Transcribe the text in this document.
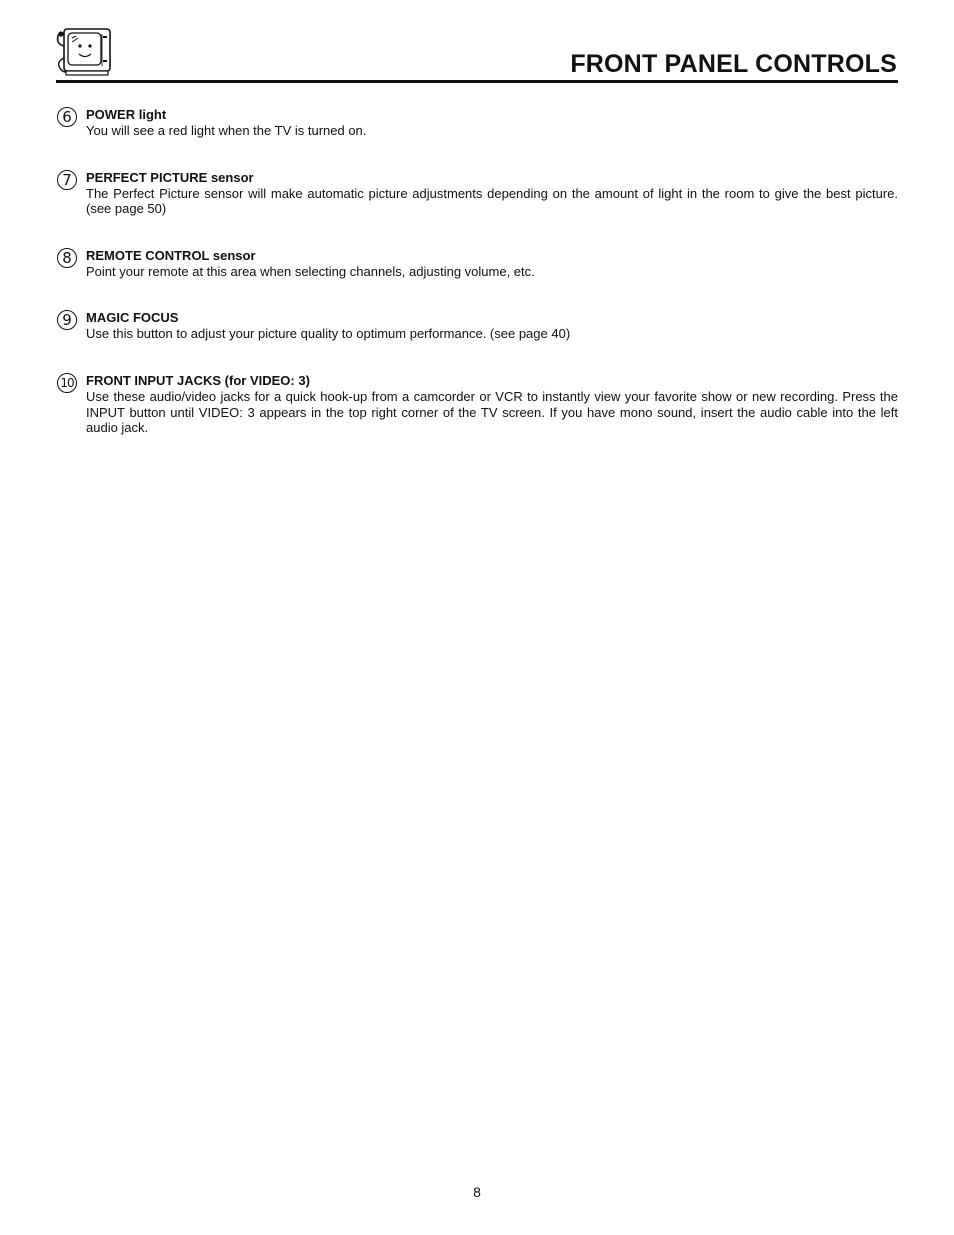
FRONT PANEL CONTROLS
6	POWER light
You will see a red light when the TV is turned on.
7	PERFECT PICTURE sensor
The Perfect Picture sensor will make automatic picture adjustments depending on the amount of light in the room to give the best picture. (see page 50)
8	REMOTE CONTROL sensor
Point your remote at this area when selecting channels, adjusting volume, etc.
9	MAGIC FOCUS
Use this button to adjust your picture quality to optimum performance. (see page 40)
10 FRONT INPUT JACKS (for VIDEO: 3)
Use these audio/video jacks for a quick hook-up from a camcorder or VCR to instantly view your favorite show or new recording. Press the INPUT button until VIDEO: 3 appears in the top right corner of the TV screen. If you have mono sound, insert the audio cable into the left audio jack.
8
